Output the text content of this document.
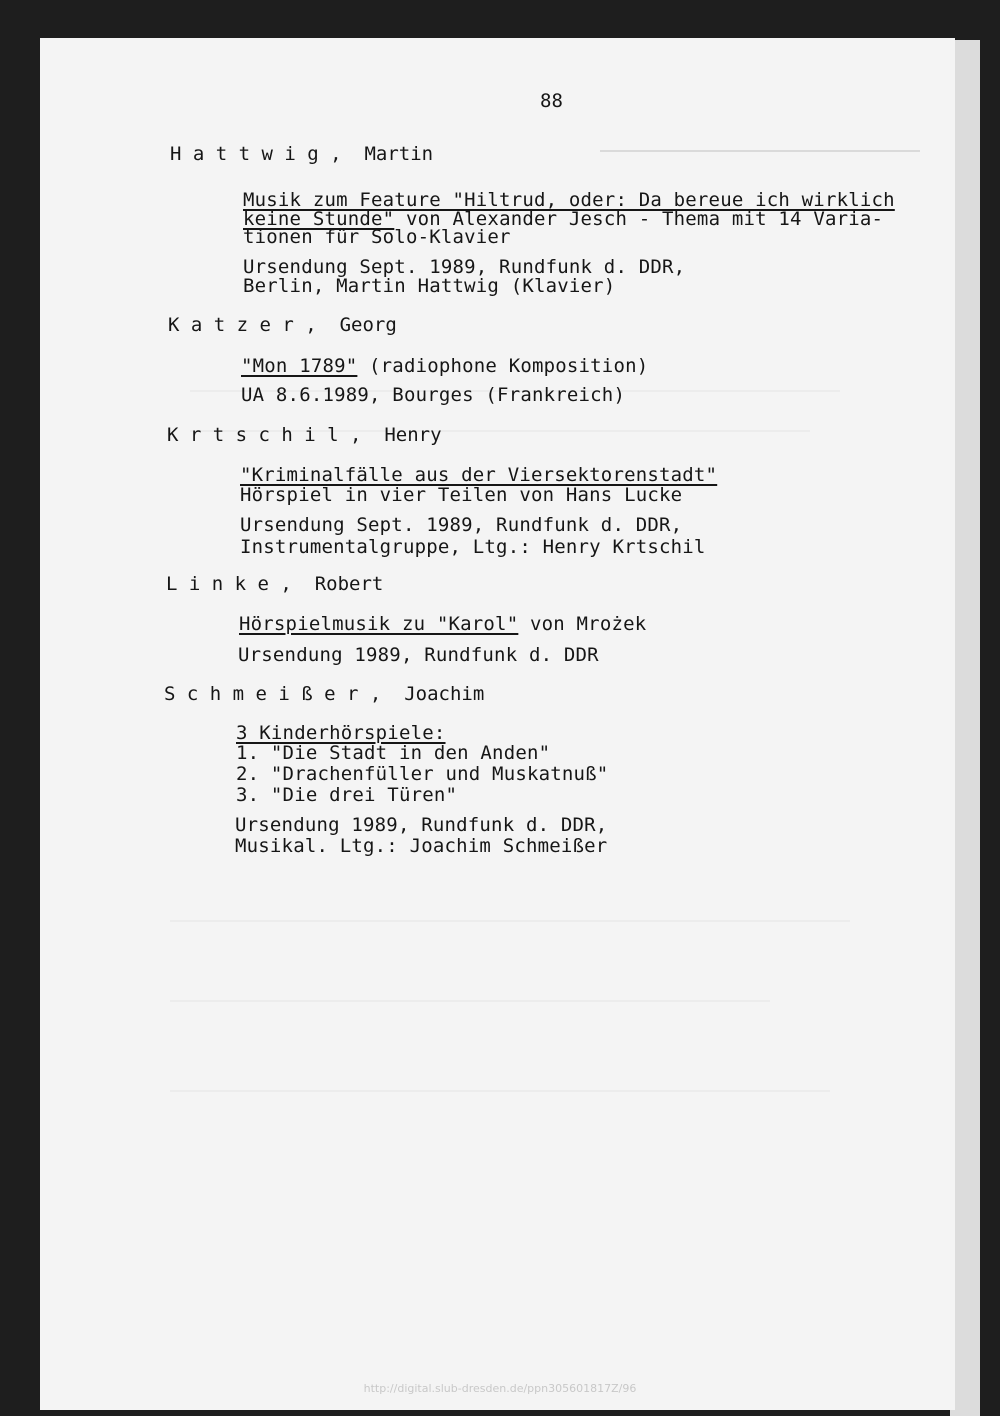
88
H a t t w i g ,  Martin
Musik zum Feature "Hiltrud, oder: Da bereue ich wirklich
keine Stunde" von Alexander Jesch - Thema mit 14 Varia-
tionen für Solo-Klavier
Ursendung Sept. 1989, Rundfunk d. DDR,
Berlin, Martin Hattwig (Klavier)
K a t z e r ,  Georg
"Mon 1789" (radiophone Komposition)
UA 8.6.1989, Bourges (Frankreich)
K r t s c h i l ,  Henry
"Kriminalfälle aus der Viersektorenstadt"
Hörspiel in vier Teilen von Hans Lucke
Ursendung Sept. 1989, Rundfunk d. DDR,
Instrumentalgruppe, Ltg.: Henry Krtschil
L i n k e ,  Robert
Hörspielmusik zu "Karol" von Mrożek
Ursendung 1989, Rundfunk d. DDR
S c h m e i ß e r ,  Joachim
3 Kinderhörspiele:
1. "Die Stadt in den Anden"
2. "Drachenfüller und Muskatnuß"
3. "Die drei Türen"
Ursendung 1989, Rundfunk d. DDR,
Musikal. Ltg.: Joachim Schmeißer
http://digital.slub-dresden.de/ppn305601817Z/96
